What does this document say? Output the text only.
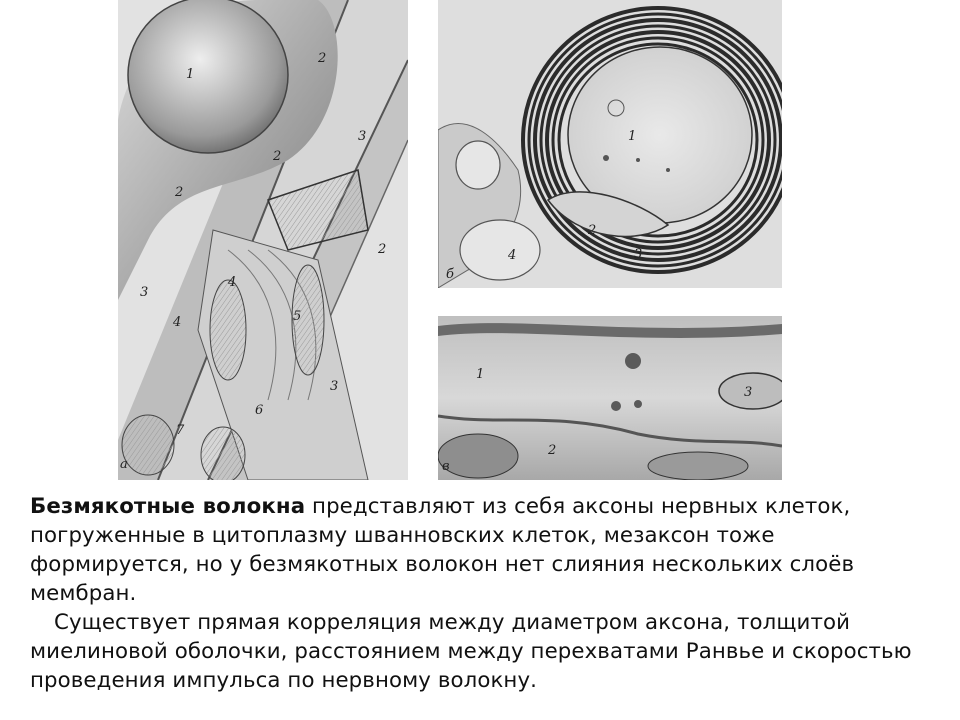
1
2
2
2
2
3
3
3
4
4	5
6
7
а
1
2
3
4
б
1
2
3
в

Безмякотные волокна представляют из себя аксоны нервных клеток, погруженные в цитоплазму шванновских клеток, мезаксон тоже формируется, но у безмякотных волокон нет слияния нескольких слоёв мембран.

Существует прямая корреляция между диаметром аксона, толщитой миелиновой оболочки, расстоянием между перехватами Ранвье и скоростью проведения импульса по нервному волокну.
